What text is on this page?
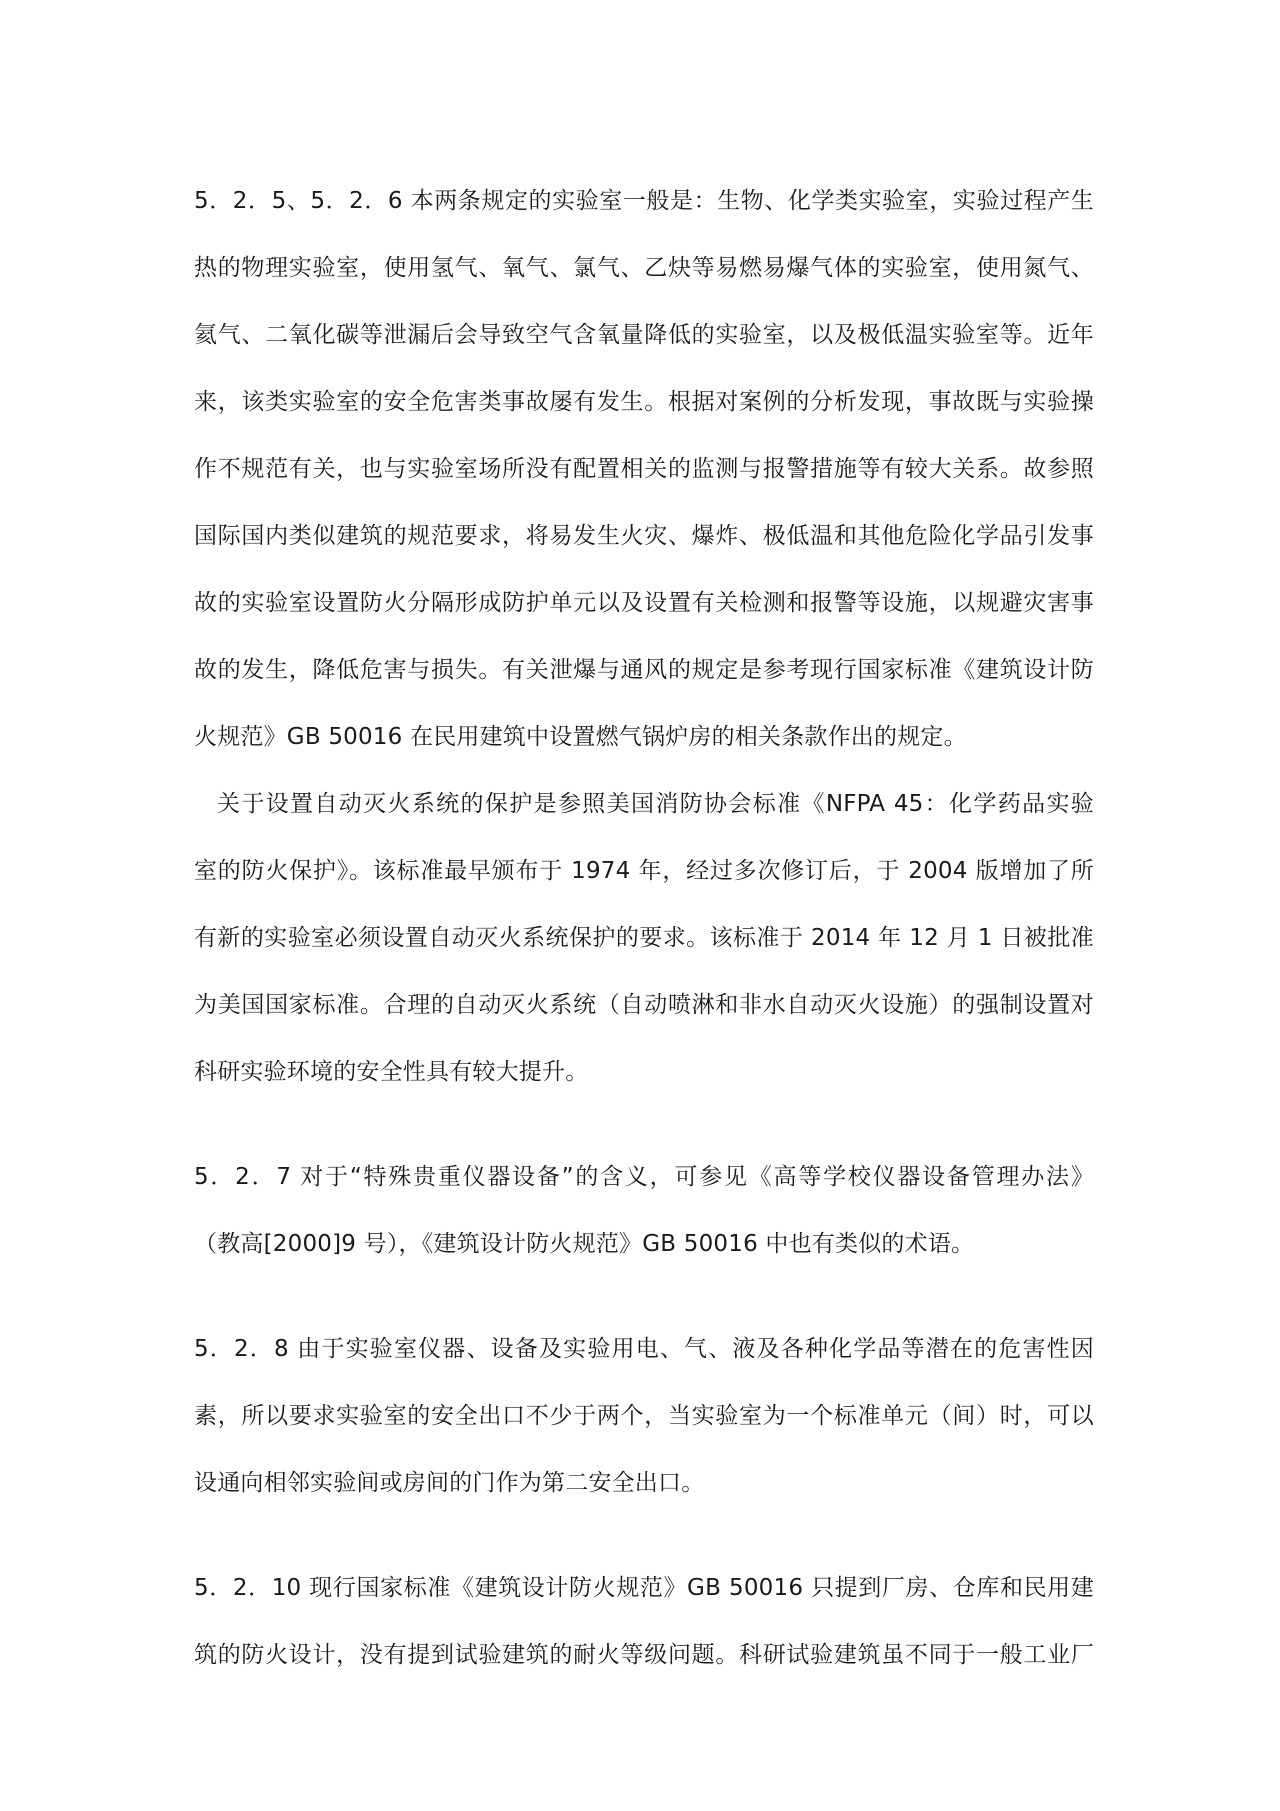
5．2．5、5．2．6 本两条规定的实验室一般是：生物、化学类实验室，实验过程产生
热的物理实验室，使用氢气、氧气、氯气、乙炔等易燃易爆气体的实验室，使用氮气、
氦气、二氧化碳等泄漏后会导致空气含氧量降低的实验室，以及极低温实验室等。近年
来，该类实验室的安全危害类事故屡有发生。根据对案例的分析发现，事故既与实验操
作不规范有关，也与实验室场所没有配置相关的监测与报警措施等有较大关系。故参照
国际国内类似建筑的规范要求，将易发生火灾、爆炸、极低温和其他危险化学品引发事
故的实验室设置防火分隔形成防护单元以及设置有关检测和报警等设施，以规避灾害事
故的发生，降低危害与损失。有关泄爆与通风的规定是参考现行国家标准《建筑设计防
火规范》GB 50016 在民用建筑中设置燃气锅炉房的相关条款作出的规定。

关于设置自动灭火系统的保护是参照美国消防协会标准《NFPA 45：化学药品实验
室的防火保护》。该标准最早颁布于 1974 年，经过多次修订后，于 2004 版增加了所
有新的实验室必须设置自动灭火系统保护的要求。该标准于 2014 年 12 月 1 日被批准
为美国国家标准。合理的自动灭火系统（自动喷淋和非水自动灭火设施）的强制设置对
科研实验环境的安全性具有较大提升。

5．2．7 对于“特殊贵重仪器设备”的含义，可参见《高等学校仪器设备管理办法》
（教高[2000]9 号），《建筑设计防火规范》GB 50016 中也有类似的术语。

5．2．8 由于实验室仪器、设备及实验用电、气、液及各种化学品等潜在的危害性因
素，所以要求实验室的安全出口不少于两个，当实验室为一个标准单元（间）时，可以
设通向相邻实验间或房间的门作为第二安全出口。

5．2．10 现行国家标准《建筑设计防火规范》GB 50016 只提到厂房、仓库和民用建
筑的防火设计，没有提到试验建筑的耐火等级问题。科研试验建筑虽不同于一般工业厂
